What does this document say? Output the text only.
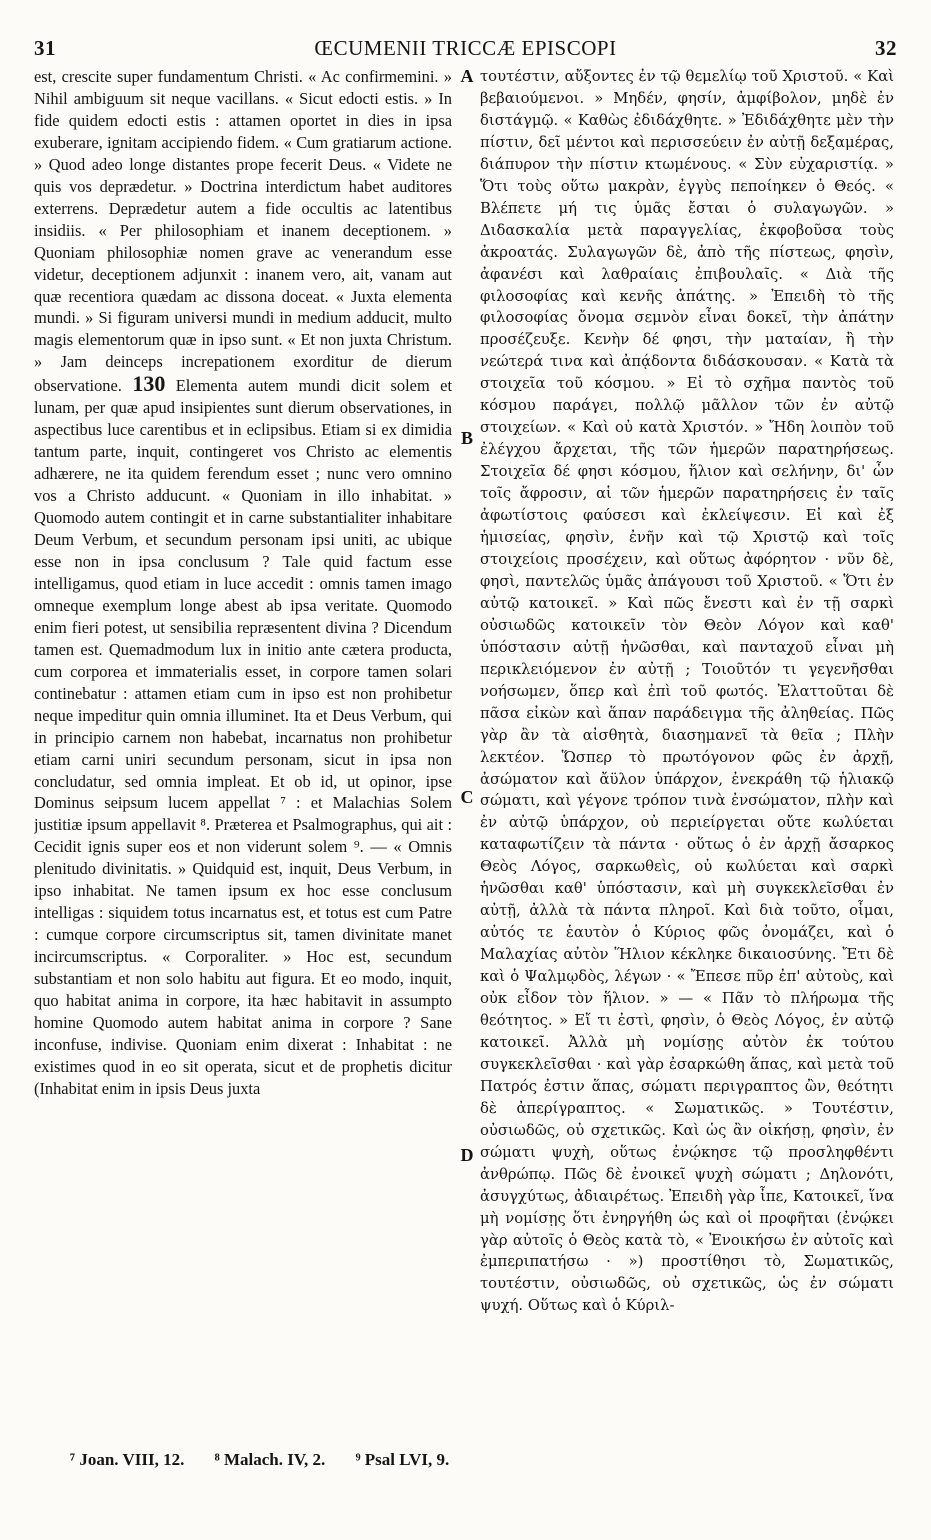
31	ŒCUMENII TRICCÆ EPISCOPI	32

est, crescite super fundamentum Christi. « Ac confirmemini. » Nihil ambiguum sit neque vacillans. « Sicut edocti estis. » In fide quidem edocti estis : attamen oportet in dies in ipsa exuberare, ignitam accipiendo fidem. « Cum gratiarum actione. » Quod adeo longe distantes prope fecerit Deus. « Videte ne quis vos deprædetur. » Doctrina interdictum habet auditores exterrens. Deprædetur autem a fide occultis ac latentibus insidiis. « Per philosophiam et inanem deceptionem. » Quoniam philosophiæ nomen grave ac venerandum esse videtur, deceptionem adjunxit : inanem vero, ait, vanam aut quæ recentiora quædam ac dissona doceat. « Juxta elementa mundi. » Si figuram universi mundi in medium adducit, multo magis elementorum quæ in ipso sunt. « Et non juxta Christum. » Jam deinceps increpationem exorditur de dierum observatione. 130 Elementa autem mundi dicit solem et lunam, per quæ apud insipientes sunt dierum observationes, in aspectibus luce carentibus et in eclipsibus. Etiam si ex dimidia tantum parte, inquit, contingeret vos Christo ac elementis adhærere, ne ita quidem ferendum esset ; nunc vero omnino vos a Christo adducunt. « Quoniam in illo inhabitat. » Quomodo autem contingit et in carne substantialiter inhabitare Deum Verbum, et secundum personam ipsi uniti, ac ubique esse non in ipsa conclusum ? Tale quid factum esse intelligamus, quod etiam in luce accedit : omnis tamen imago omneque exemplum longe abest ab ipsa veritate. Quomodo enim fieri potest, ut sensibilia repræsentent divina ? Dicendum tamen est. Quemadmodum lux in initio ante cætera producta, cum corporea et immaterialis esset, in corpore tamen solari continebatur : attamen etiam cum in ipso est non prohibetur neque impeditur quin omnia illuminet. Ita et Deus Verbum, qui in principio carnem non habebat, incarnatus non prohibetur etiam carni uniri secundum personam, sicut in ipsa non concludatur, sed omnia impleat. Et ob id, ut opinor, ipse Dominus seipsum lucem appellat ⁷ : et Malachias Solem justitiæ ipsum appellavit ⁸. Præterea et Psalmographus, qui ait : Cecidit ignis super eos et non viderunt solem ⁹. — « Omnis plenitudo divinitatis. » Quidquid est, inquit, Deus Verbum, in ipso inhabitat. Ne tamen ipsum ex hoc esse conclusum intelligas : siquidem totus incarnatus est, et totus est cum Patre : cumque corpore circumscriptus sit, tamen divinitate manet incircumscriptus. « Corporaliter. » Hoc est, secundum substantiam et non solo habitu aut figura. Et eo modo, inquit, quo habitat anima in corpore, ita hæc habitavit in assumpto homine Quomodo autem habitat anima in corpore ? Sane inconfuse, indivise. Quoniam enim dixerat : Inhabitat : ne existimes quod in eo sit operata, sicut et de prophetis dicitur (Inhabitat enim in ipsis Deus juxta

A
B
C
D

τουτέστιν, αὔξοντες ἐν τῷ θεμελίῳ τοῦ Χριστοῦ. « Καὶ βεβαιούμενοι. » Μηδέν, φησίν, ἀμφίβολον, μηδὲ ἐν διστάγμῷ. « Καθὼς ἐδιδάχθητε. » Ἐδιδάχθητε μὲν τὴν πίστιν, δεῖ μέντοι καὶ περισσεύειν ἐν αὐτῇ δεξαμέρας, διάπυρον τὴν πίστιν κτωμένους. « Σὺν εὐχαριστίᾳ. » Ὅτι τοὺς οὕτω μακρὰν, ἐγγὺς πεποίηκεν ὁ Θεός. « Βλέπετε μή τις ὑμᾶς ἔσται ὁ συλαγωγῶν. » Διδασκαλία μετὰ παραγγελίας, ἐκφοβοῦσα τοὺς ἀκροατάς. Συλαγωγῶν δὲ, ἀπὸ τῆς πίστεως, φησὶν, ἀφανέσι καὶ λαθραίαις ἐπιβουλαῖς. « Διὰ τῆς φιλοσοφίας καὶ κενῆς ἀπάτης. » Ἐπειδὴ τὸ τῆς φιλοσοφίας ὄνομα σεμνὸν εἶναι δοκεῖ, τὴν ἀπάτην προσέζευξε. Κενὴν δέ φησι, τὴν ματαίαν, ἢ τὴν νεώτερά τινα καὶ ἀπᾴδοντα διδάσκουσαν. « Κατὰ τὰ στοιχεῖα τοῦ κόσμου. » Εἰ τὸ σχῆμα παντὸς τοῦ κόσμου παράγει, πολλῷ μᾶλλον τῶν ἐν αὐτῷ στοιχείων. « Καὶ οὐ κατὰ Χριστόν. » Ἤδη λοιπὸν τοῦ ἐλέγχου ἄρχεται, τῆς τῶν ἡμερῶν παρατηρήσεως. Στοιχεῖα δέ φησι κόσμου, ἥλιον καὶ σελήνην, δι' ὧν τοῖς ἄφροσιν, αἱ τῶν ἡμερῶν παρατηρήσεις ἐν ταῖς ἀφωτίστοις φαύσεσι καὶ ἐκλείψεσιν. Εἰ καὶ ἐξ ἡμισείας, φησὶν, ἐνῆν καὶ τῷ Χριστῷ καὶ τοῖς στοιχείοις προσέχειν, καὶ οὕτως ἀφόρητον · νῦν δὲ, φησὶ, παντελῶς ὑμᾶς ἀπάγουσι τοῦ Χριστοῦ. « Ὅτι ἐν αὐτῷ κατοικεῖ. » Καὶ πῶς ἔνεστι καὶ ἐν τῇ σαρκὶ οὐσιωδῶς κατοικεῖν τὸν Θεὸν Λόγον καὶ καθ' ὑπόστασιν αὐτῇ ἡνῶσθαι, καὶ πανταχοῦ εἶναι μὴ περικλειόμενον ἐν αὐτῇ ; Τοιοῦτόν τι γεγενῆσθαι νοήσωμεν, ὅπερ καὶ ἐπὶ τοῦ φωτός. Ἐλαττοῦται δὲ πᾶσα εἰκὼν καὶ ἅπαν παράδειγμα τῆς ἀληθείας. Πῶς γὰρ ἂν τὰ αἰσθητὰ, διασημανεῖ τὰ θεῖα ; Πλὴν λεκτέον. Ὥσπερ τὸ πρωτόγονον φῶς ἐν ἀρχῇ, ἀσώματον καὶ ἄϋλον ὑπάρχον, ἐνεκράθη τῷ ἡλιακῷ σώματι, καὶ γέγονε τρόπον τινὰ ἐνσώματον, πλὴν καὶ ἐν αὐτῷ ὑπάρχον, οὐ περιείργεται οὔτε κωλύεται καταφωτίζειν τὰ πάντα · οὕτως ὁ ἐν ἀρχῇ ἄσαρκος Θεὸς Λόγος, σαρκωθεὶς, οὐ κωλύεται καὶ σαρκὶ ἡνῶσθαι καθ' ὑπόστασιν, καὶ μὴ συγκεκλεῖσθαι ἐν αὐτῇ, ἀλλὰ τὰ πάντα πληροῖ. Καὶ διὰ τοῦτο, οἶμαι, αὐτός τε ἑαυτὸν ὁ Κύριος φῶς ὀνομάζει, καὶ ὁ Μαλαχίας αὐτὸν Ἥλιον κέκληκε δικαιοσύνης. Ἔτι δὲ καὶ ὁ Ψαλμῳδὸς, λέγων · « Ἔπεσε πῦρ ἐπ' αὐτοὺς, καὶ οὐκ εἶδον τὸν ἥλιον. » — « Πᾶν τὸ πλήρωμα τῆς θεότητος. » Εἴ τι ἐστὶ, φησὶν, ὁ Θεὸς Λόγος, ἐν αὐτῷ κατοικεῖ. Ἀλλὰ μὴ νομίσῃς αὐτὸν ἐκ τούτου συγκεκλεῖσθαι · καὶ γὰρ ἐσαρκώθη ἅπας, καὶ μετὰ τοῦ Πατρός ἐστιν ἅπας, σώματι περιγραπτος ὢν, θεότητι δὲ ἀπερίγραπτος. « Σωματικῶς. » Τουτέστιν, οὐσιωδῶς, οὐ σχετικῶς. Καὶ ὡς ἂν οἰκήσῃ, φησὶν, ἐν σώματι ψυχὴ, οὕτως ἐνῴκησε τῷ προσληφθέντι ἀνθρώπῳ. Πῶς δὲ ἐνοικεῖ ψυχὴ σώματι ; Δηλονότι, ἀσυγχύτως, ἀδιαιρέτως. Ἐπειδὴ γὰρ ἶπε, Κατοικεῖ, ἵνα μὴ νομίσῃς ὅτι ἐνηργήθη ὡς καὶ οἱ προφῆται (ἐνῴκει γὰρ αὐτοῖς ὁ Θεὸς κατὰ τὸ, « Ἐνοικήσω ἐν αὐτοῖς καὶ ἐμπεριπατήσω · ») προστίθησι τὸ, Σωματικῶς, τουτέστιν, οὐσιωδῶς, οὐ σχετικῶς, ὡς ἐν σώματι ψυχή. Οὕτως καὶ ὁ Κύριλ-

⁷ Joan. VIII, 12. ⁸ Malach. IV, 2. ⁹ Psal LVI, 9.
